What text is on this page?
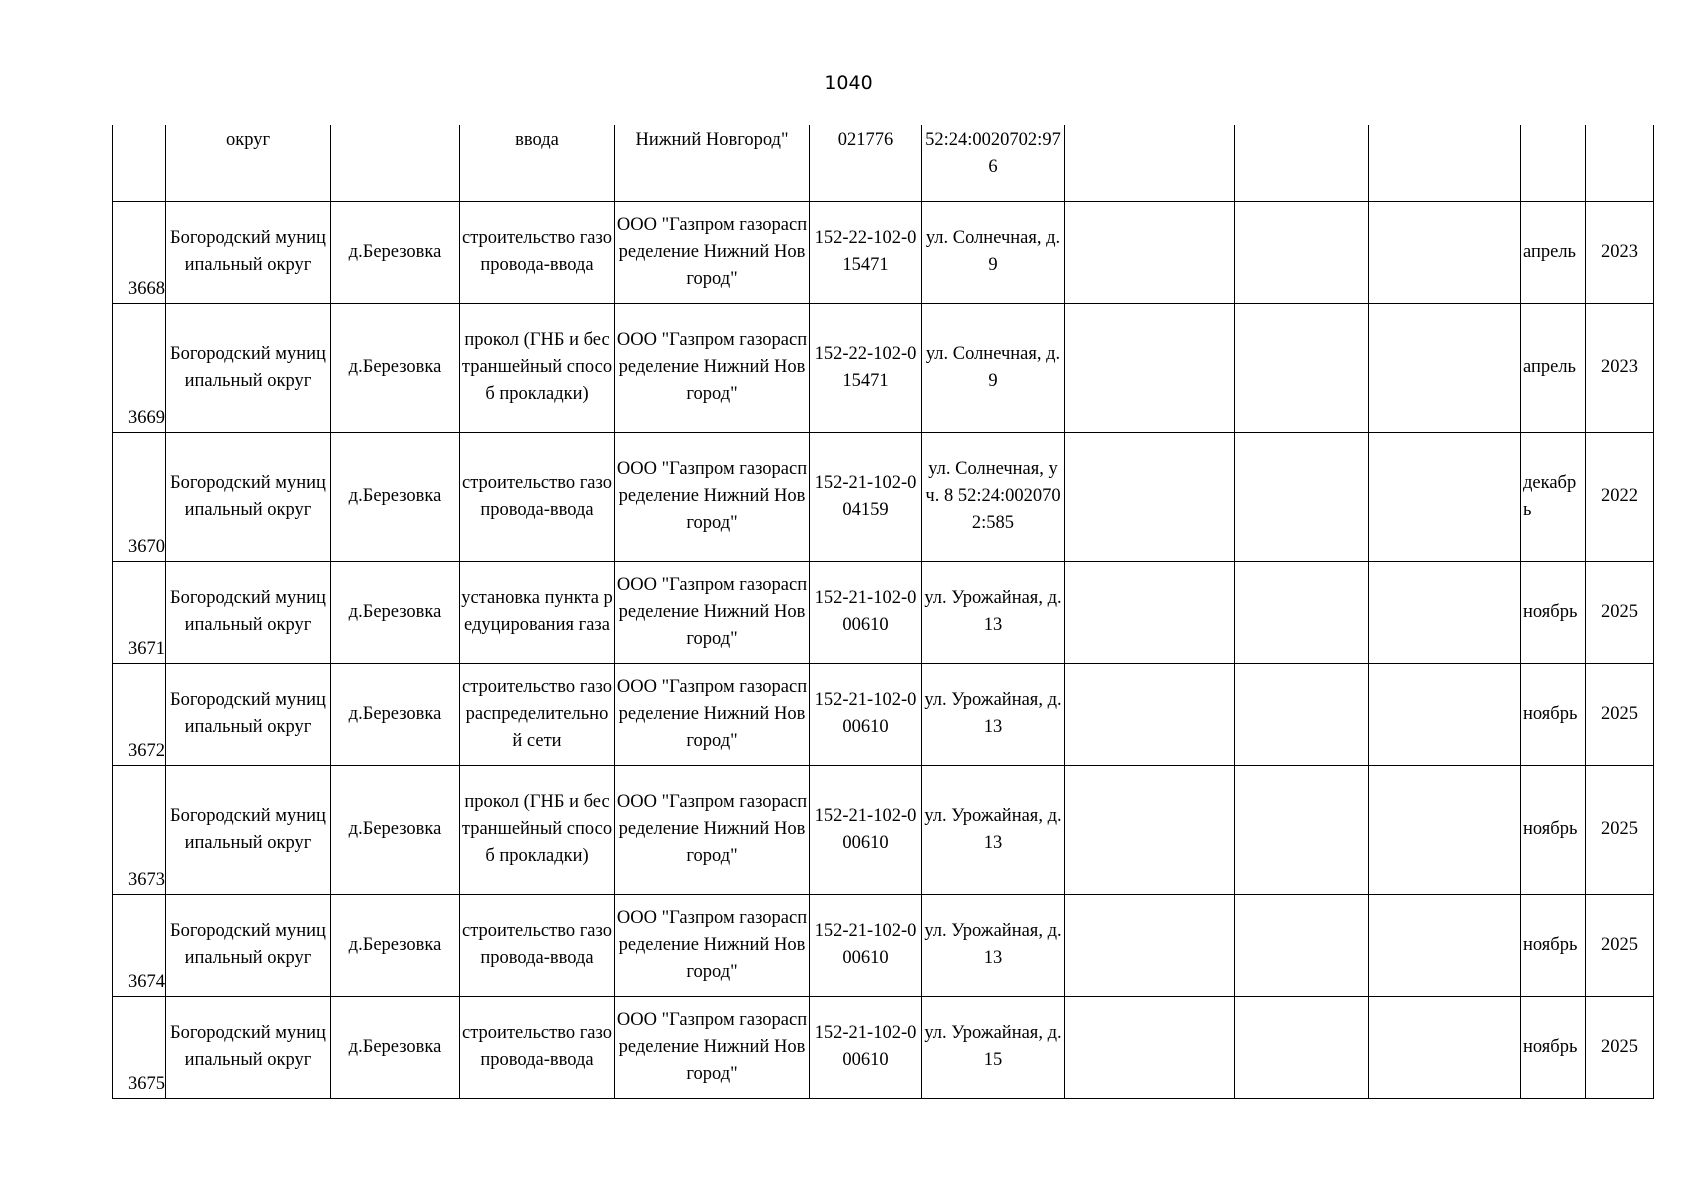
1040
	округ		ввода	Нижний Новгород"	021776	52:24:0020702:976					
3668	Богородский муниципальный округ	д.Березовка	строительство газопровода-ввода	ООО "Газпром газораспределение Нижний Новгород"	152-22-102-015471	ул. Солнечная, д. 9				апрель	2023
3669	Богородский муниципальный округ	д.Березовка	прокол (ГНБ и бестраншейный способ прокладки)	ООО "Газпром газораспределение Нижний Новгород"	152-22-102-015471	ул. Солнечная, д. 9				апрель	2023
3670	Богородский муниципальный округ	д.Березовка	строительство газопровода-ввода	ООО "Газпром газораспределение Нижний Новгород"	152-21-102-004159	ул. Солнечная, уч. 8 52:24:0020702:585				декабрь	2022
3671	Богородский муниципальный округ	д.Березовка	установка пункта редуцирования газа	ООО "Газпром газораспределение Нижний Новгород"	152-21-102-000610	ул. Урожайная, д. 13				ноябрь	2025
3672	Богородский муниципальный округ	д.Березовка	строительство газораспределительной сети	ООО "Газпром газораспределение Нижний Новгород"	152-21-102-000610	ул. Урожайная, д. 13				ноябрь	2025
3673	Богородский муниципальный округ	д.Березовка	прокол (ГНБ и бестраншейный способ прокладки)	ООО "Газпром газораспределение Нижний Новгород"	152-21-102-000610	ул. Урожайная, д. 13				ноябрь	2025
3674	Богородский муниципальный округ	д.Березовка	строительство газопровода-ввода	ООО "Газпром газораспределение Нижний Новгород"	152-21-102-000610	ул. Урожайная, д. 13				ноябрь	2025
3675	Богородский муниципальный округ	д.Березовка	строительство газопровода-ввода	ООО "Газпром газораспределение Нижний Новгород"	152-21-102-000610	ул. Урожайная, д. 15				ноябрь	2025
